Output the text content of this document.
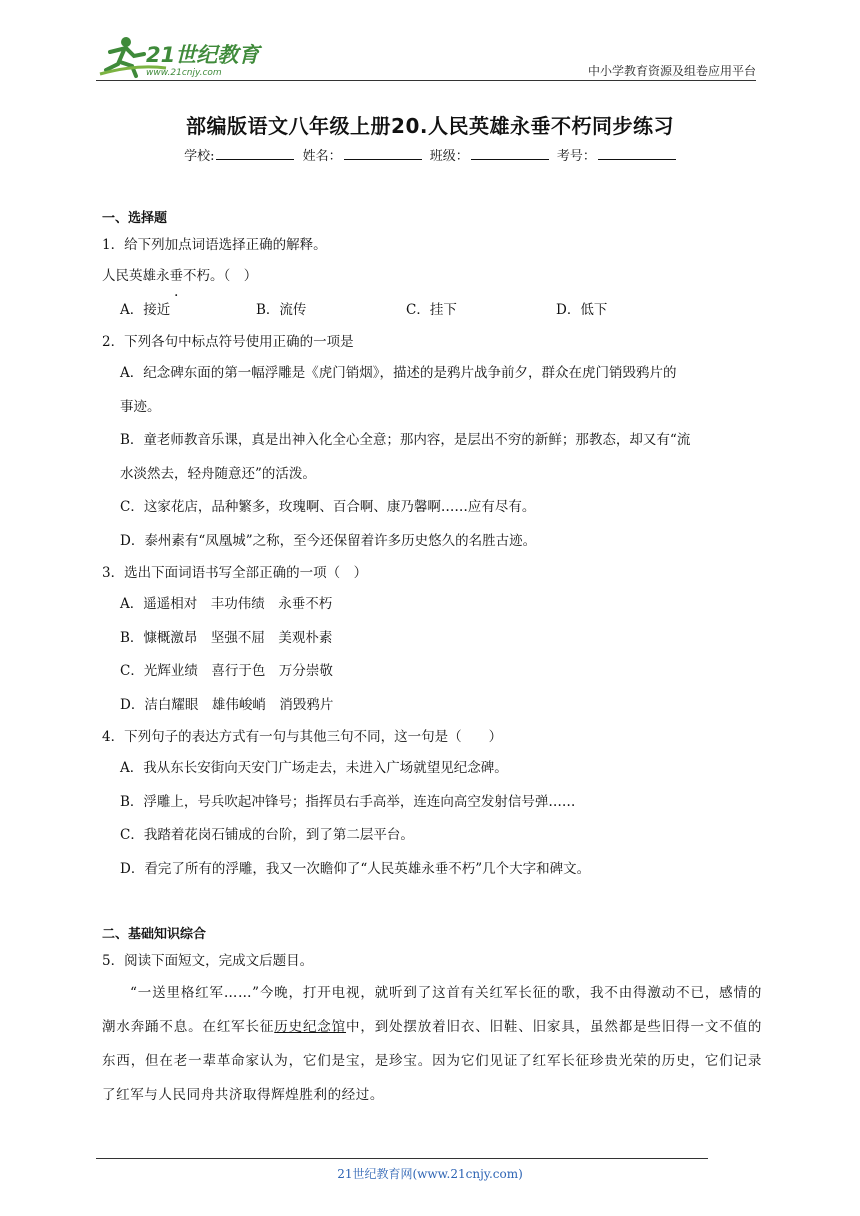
21世纪教育
www.21cnjy.com	中小学教育资源及组卷应用平台
部编版语文八年级上册20.人民英雄永垂不朽同步练习
学校:	姓名：	班级：	考号：

一、选择题

1．给下列加点词语选择正确的解释。

人民英雄永垂不朽。（　）

A．接近	B．流传	C．挂下	D．低下

2．下列各句中标点符号使用正确的一项是

A．纪念碑东面的第一幅浮雕是《虎门销烟》，描述的是鸦片战争前夕，群众在虎门销毁鸦片的

事迹。

B．童老师教音乐课，真是出神入化全心全意；那内容，是层出不穷的新鲜；那教态，却又有“流

水淡然去，轻舟随意还”的活泼。

C．这家花店，品种繁多，玫瑰啊、百合啊、康乃馨啊……应有尽有。

D．泰州素有“凤凰城”之称，至今还保留着许多历史悠久的名胜古迹。

3．选出下面词语书写全部正确的一项（　）

A．遥遥相对　丰功伟绩　永垂不朽

B．慷概激昂　坚强不屈　美观朴素

C．光辉业绩　喜行于色　万分崇敬

D．洁白耀眼　雄伟峻峭　消毁鸦片

4．下列句子的表达方式有一句与其他三句不同，这一句是（　　）

A．我从东长安街向天安门广场走去，未进入广场就望见纪念碑。

B．浮雕上，号兵吹起冲锋号；指挥员右手高举，连连向高空发射信号弹……

C．我踏着花岗石铺成的台阶，到了第二层平台。

D．看完了所有的浮雕，我又一次瞻仰了“人民英雄永垂不朽”几个大字和碑文。

二、基础知识综合

5．阅读下面短文，完成文后题目。

“一送里格红军……”今晚，打开电视，就听到了这首有关红军长征的歌，我不由得激动不已，感情的潮水奔踊不息。在红军长征历史纪念馆中，到处摆放着旧衣、旧鞋、旧家具，虽然都是些旧得一文不值的东西，但在老一辈革命家认为，它们是宝，是珍宝。因为它们见证了红军长征珍贵光荣的历史，它们记录了红军与人民同舟共济取得辉煌胜利的经过。

21世纪教育网(www.21cnjy.com)
